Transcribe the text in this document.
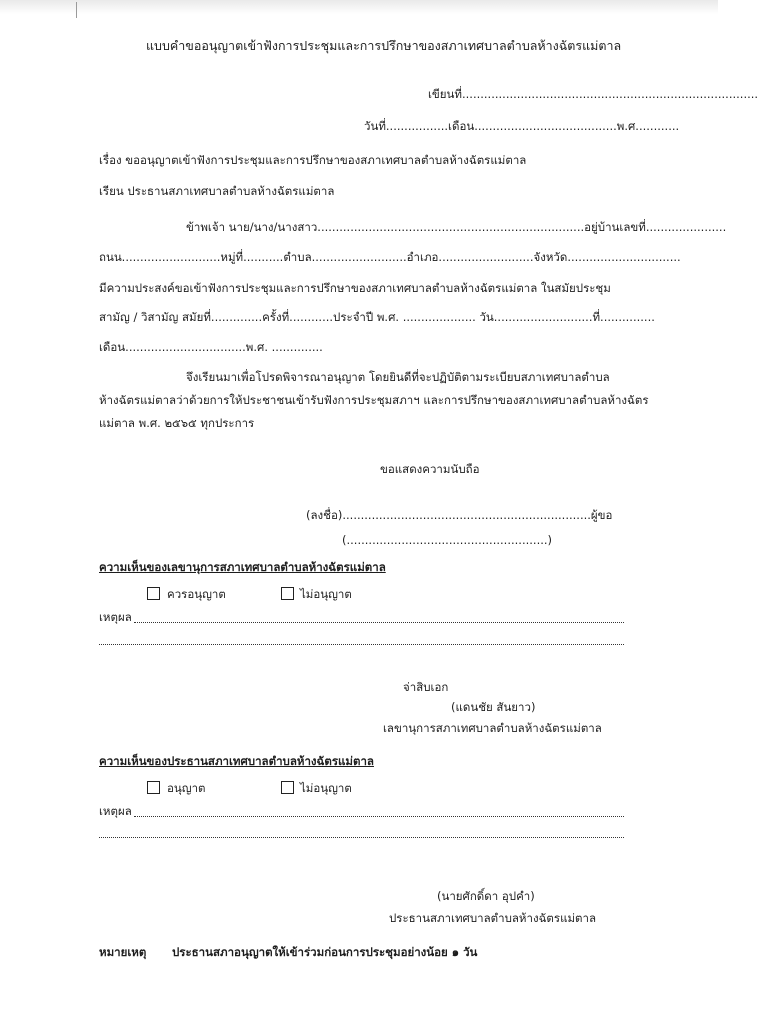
แบบคำขออนุญาตเข้าฟังการประชุมและการปรึกษาของสภาเทศบาลตำบลห้างฉัตรแม่ตาล
เขียนที่.................................................................................
วันที่.................เดือน.......................................พ.ศ............
เรื่อง ขออนุญาตเข้าฟังการประชุมและการปรึกษาของสภาเทศบาลตำบลห้างฉัตรแม่ตาล
เรียน ประธานสภาเทศบาลตำบลห้างฉัตรแม่ตาล
ข้าพเจ้า นาย/นาง/นางสาว.........................................................................อยู่บ้านเลขที่......................
ถนน...........................หมู่ที่...........ตำบล..........................อำเภอ..........................จังหวัด...............................
มีความประสงค์ขอเข้าฟังการประชุมและการปรึกษาของสภาเทศบาลตำบลห้างฉัตรแม่ตาล ในสมัยประชุม
สามัญ / วิสามัญ สมัยที่..............ครั้งที่............ประจำปี พ.ศ. .................... วัน...........................ที่...............
เดือน.................................พ.ศ. ..............
จึงเรียนมาเพื่อโปรดพิจารณาอนุญาต โดยยินดีที่จะปฏิบัติตามระเบียบสภาเทศบาลตำบล
ห้างฉัตรแม่ตาลว่าด้วยการให้ประชาชนเข้ารับฟังการประชุมสภาฯ และการปรึกษาของสภาเทศบาลตำบลห้างฉัตร
แม่ตาล พ.ศ. ๒๕๖๕ ทุกประการ
ขอแสดงความนับถือ
(ลงชื่อ)....................................................................ผู้ขอ
(.......................................................)
ความเห็นของเลขานุการสภาเทศบาลตำบลห้างฉัตรแม่ตาล
ควรอนุญาต	ไม่อนุญาต
เหตุผล
จ่าสิบเอก
(แดนชัย สันยาว)
เลขานุการสภาเทศบาลตำบลห้างฉัตรแม่ตาล
ความเห็นของประธานสภาเทศบาลตำบลห้างฉัตรแม่ตาล
อนุญาต	ไม่อนุญาต
เหตุผล
(นายศักดิ์ดา อุปคำ)
ประธานสภาเทศบาลตำบลห้างฉัตรแม่ตาล
หมายเหตุ ประธานสภาอนุญาตให้เข้าร่วมก่อนการประชุมอย่างน้อย ๑ วัน
